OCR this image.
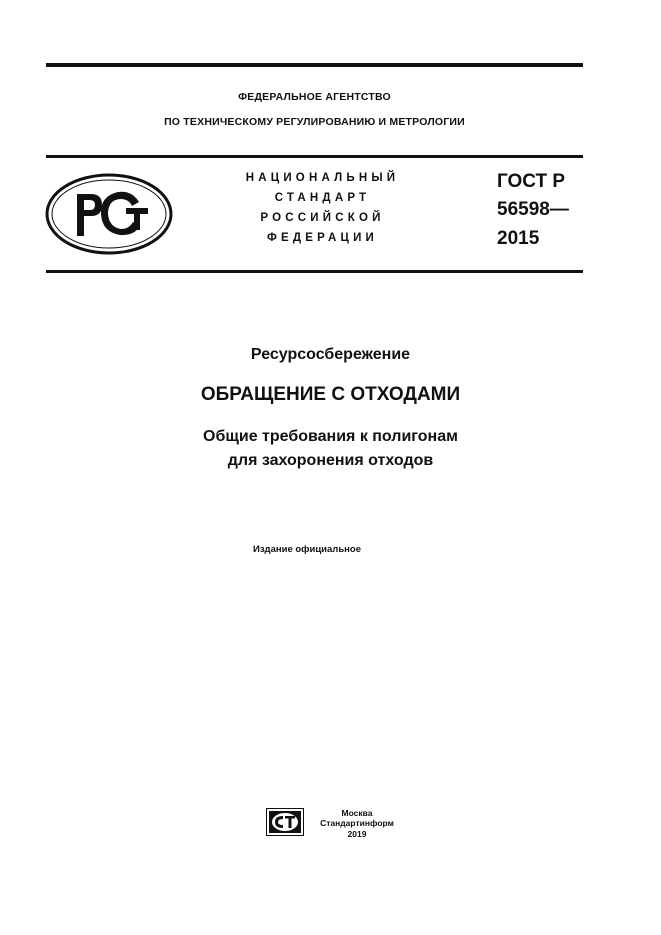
ФЕДЕРАЛЬНОЕ АГЕНТСТВО
ПО ТЕХНИЧЕСКОМУ РЕГУЛИРОВАНИЮ И МЕТРОЛОГИИ
НАЦИОНАЛЬНЫЙ
СТАНДАРТ
РОССИЙСКОЙ
ФЕДЕРАЦИИ
ГОСТ Р
56598—
2015
Ресурсосбережение
ОБРАЩЕНИЕ С ОТХОДАМИ
Общие требования к полигонам
для захоронения отходов
Издание официальное
Москва
Стандартинформ
2019
